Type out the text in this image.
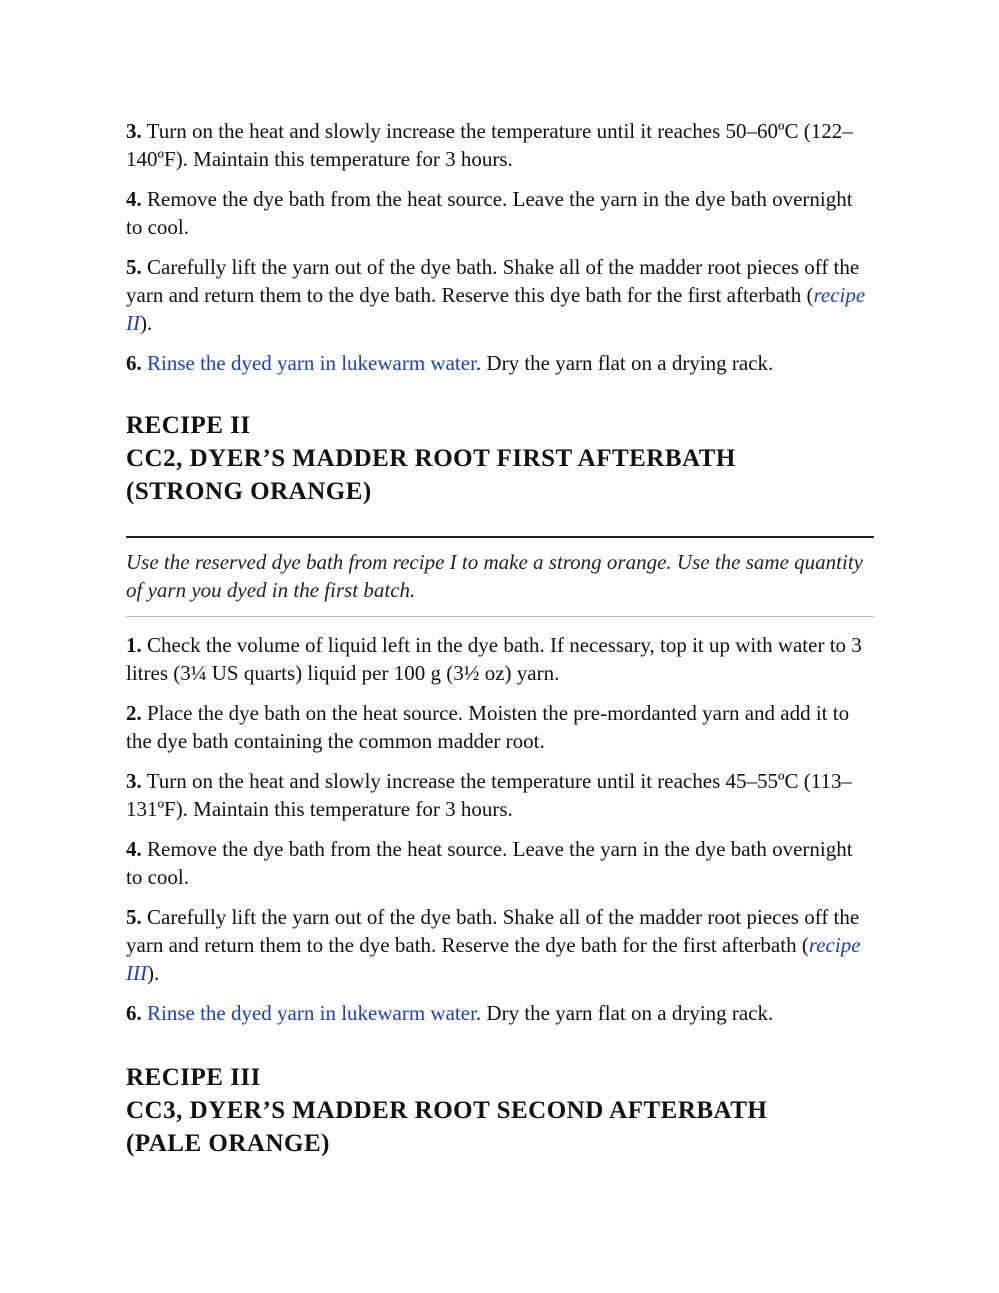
3. Turn on the heat and slowly increase the temperature until it reaches 50–60ºC (122–140ºF). Maintain this temperature for 3 hours.

4. Remove the dye bath from the heat source. Leave the yarn in the dye bath overnight to cool.

5. Carefully lift the yarn out of the dye bath. Shake all of the madder root pieces off the yarn and return them to the dye bath. Reserve this dye bath for the first afterbath (recipe II).

6. Rinse the dyed yarn in lukewarm water. Dry the yarn flat on a drying rack.

RECIPE II
CC2, DYER’S MADDER ROOT FIRST AFTERBATH
(STRONG ORANGE)

Use the reserved dye bath from recipe I to make a strong orange. Use the same quantity of yarn you dyed in the first batch.

1. Check the volume of liquid left in the dye bath. If necessary, top it up with water to 3 litres (3¼ US quarts) liquid per 100 g (3½ oz) yarn.

2. Place the dye bath on the heat source. Moisten the pre-mordanted yarn and add it to the dye bath containing the common madder root.

3. Turn on the heat and slowly increase the temperature until it reaches 45–55ºC (113–131ºF). Maintain this temperature for 3 hours.

4. Remove the dye bath from the heat source. Leave the yarn in the dye bath overnight to cool.

5. Carefully lift the yarn out of the dye bath. Shake all of the madder root pieces off the yarn and return them to the dye bath. Reserve the dye bath for the first afterbath (recipe III).

6. Rinse the dyed yarn in lukewarm water. Dry the yarn flat on a drying rack.

RECIPE III
CC3, DYER’S MADDER ROOT SECOND AFTERBATH
(PALE ORANGE)
